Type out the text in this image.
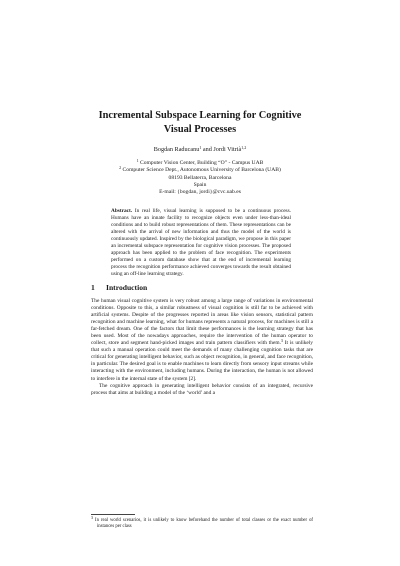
Incremental Subspace Learning for Cognitive
Visual Processes
Bogdan Raducanu$^1$ and Jordi Vitrià$^{1,2}$
$^1$ Computer Vision Center, Building “O” - Campus UAB
$^2$ Computer Science Dept., Autonomous University of Barcelona (UAB)
08193 Bellaterra, Barcelona
Spain
E-mail: {bogdan, jordi}@cvc.uab.es
Abstract. In real life, visual learning is supposed to be a continuous process. Humans have an innate facility to recognize objects even under less-than-ideal conditions and to build robust representations of them. These representations can be altered with the arrival of new information and thus the model of the world is continuously updated. Inspired by the biological paradigm, we propose in this paper an incremental subspace representation for cognitive vision processes. The proposed approach has been applied to the problem of face recognition. The experiments performed on a custom database show that at the end of incremental learning process the recognition performance achieved converges towards the result obtained using an off-line learning strategy.
1 Introduction

The human visual cognitive system is very robust among a large range of variations in environmental conditions. Opposite to this, a similar robustness of visual cognition is still far to be achieved with artificial systems. Despite of the progresses reported in areas like vision sensors, statistical pattern recognition and machine learning, what for humans represents a natural process, for machines is still a far-fetched dream. One of the factors that limit these performances is the learning strategy that has been used. Most of the nowadays approaches, require the intervention of the human operator to collect, store and segment hand-picked images and train pattern classifiers with them.$^3$ It is unlikely that such a manual operation could meet the demands of many challenging cognition tasks that are critical for generating intelligent behavior, such as object recognition, in general, and face recognition, in particular. The desired goal is to enable machines to learn directly from sensory input streams while interacting with the environment, including humans. During the interaction, the human is not allowed to interfere in the internal state of the system [2].

The cognitive approach in generating intelligent behavior consists of an integrated, recursive process that aims at building a model of the ‘world’ and a

$^3$ In real world scenarios, it is unlikely to know beforehand the number of total classes or the exact number of instances per class
